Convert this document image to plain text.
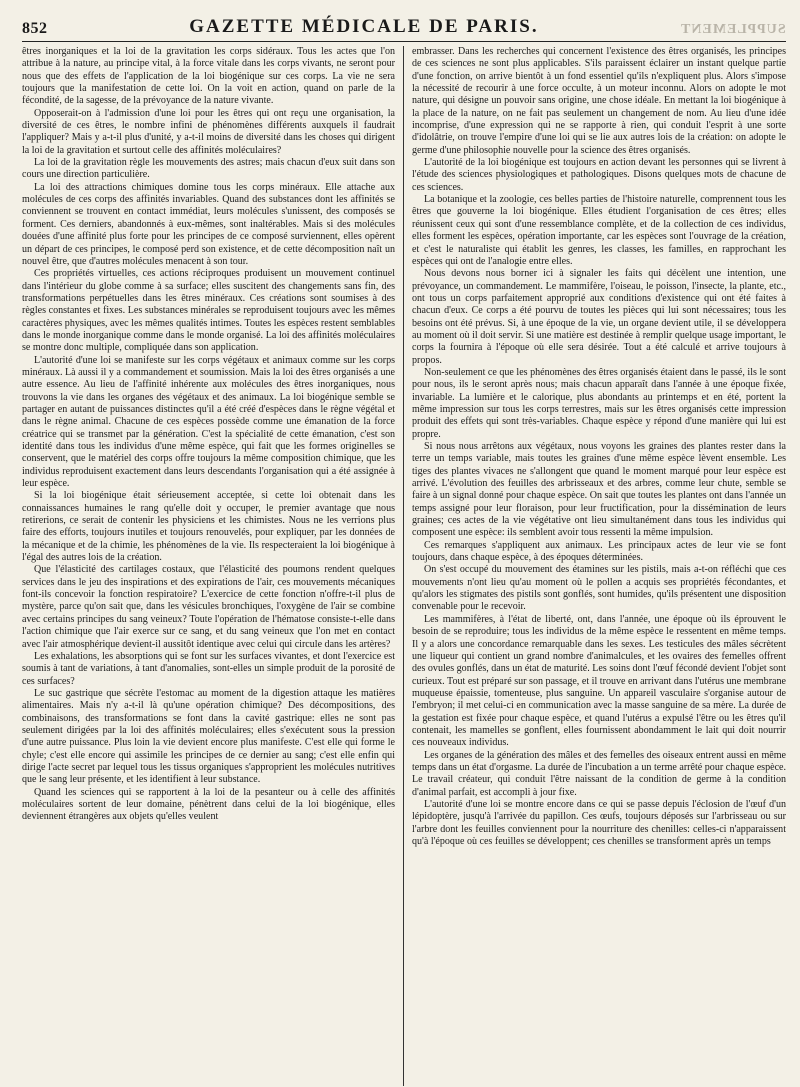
852	GAZETTE MÉDICALE DE PARIS.	SUPPLEMENT

êtres inorganiques et la loi de la gravitation les corps sidéraux. Tous les actes que l'on attribue à la nature, au principe vital, à la force vitale dans les corps vivants, ne seront pour nous que des effets de l'application de la loi biogénique sur ces corps. La vie ne sera toujours que la manifestation de cette loi. On la voit en action, quand on parle de la fécondité, de la sagesse, de la prévoyance de la nature vivante.

Opposerait-on à l'admission d'une loi pour les êtres qui ont reçu une organisation, la diversité de ces êtres, le nombre infini de phénomènes différents auxquels il faudrait l'appliquer? Mais y a-t-il plus d'unité, y a-t-il moins de diversité dans les choses qui dirigent la loi de la gravitation et surtout celle des affinités moléculaires?

La loi de la gravitation règle les mouvements des astres; mais chacun d'eux suit dans son cours une direction particulière.

La loi des attractions chimiques domine tous les corps minéraux. Elle attache aux molécules de ces corps des affinités invariables. Quand des substances dont les affinités se conviennent se trouvent en contact immédiat, leurs molécules s'unissent, des composés se forment. Ces derniers, abandonnés à eux-mêmes, sont inaltérables. Mais si des molécules douées d'une affinité plus forte pour les principes de ce composé surviennent, elles opèrent un départ de ces principes, le composé perd son existence, et de cette décomposition naît un nouvel être, que d'autres molécules menacent à son tour.

Ces propriétés virtuelles, ces actions réciproques produisent un mouvement continuel dans l'intérieur du globe comme à sa surface; elles suscitent des changements sans fin, des transformations perpétuelles dans les êtres minéraux. Ces créations sont soumises à des règles constantes et fixes. Les substances minérales se reproduisent toujours avec les mêmes caractères physiques, avec les mêmes qualités intimes. Toutes les espèces restent semblables dans le monde inorganique comme dans le monde organisé. La loi des affinités moléculaires se montre donc multiple, compliquée dans son application.

L'autorité d'une loi se manifeste sur les corps végétaux et animaux comme sur les corps minéraux. Là aussi il y a commandement et soumission. Mais la loi des êtres organisés a une autre essence. Au lieu de l'affinité inhérente aux molécules des êtres inorganiques, nous trouvons la vie dans les organes des végétaux et des animaux. La loi biogénique semble se partager en autant de puissances distinctes qu'il a été créé d'espèces dans le règne végétal et dans le règne animal. Chacune de ces espèces possède comme une émanation de la force créatrice qui se transmet par la génération. C'est la spécialité de cette émanation, c'est son identité dans tous les individus d'une même espèce, qui fait que les formes originelles se conservent, que le matériel des corps offre toujours la même composition chimique, que les individus reproduisent exactement dans leurs descendants l'organisation qui a été assignée à leur espèce.

Si la loi biogénique était sérieusement acceptée, si cette loi obtenait dans les connaissances humaines le rang qu'elle doit y occuper, le premier avantage que nous retirerions, ce serait de contenir les physiciens et les chimistes. Nous ne les verrions plus faire des efforts, toujours inutiles et toujours renouvelés, pour expliquer, par les données de la mécanique et de la chimie, les phénomènes de la vie. Ils respecteraient la loi biogénique à l'égal des autres lois de la création.

Que l'élasticité des cartilages costaux, que l'élasticité des poumons rendent quelques services dans le jeu des inspirations et des expirations de l'air, ces mouvements mécaniques font-ils concevoir la fonction respiratoire? L'exercice de cette fonction n'offre-t-il plus de mystère, parce qu'on sait que, dans les vésicules bronchiques, l'oxygène de l'air se combine avec certains principes du sang veineux? Toute l'opération de l'hématose consiste-t-elle dans l'action chimique que l'air exerce sur ce sang, et du sang veineux que l'on met en contact avec l'air atmosphérique devient-il aussitôt identique avec celui qui circule dans les artères?

Les exhalations, les absorptions qui se font sur les surfaces vivantes, et dont l'exercice est soumis à tant de variations, à tant d'anomalies, sont-elles un simple produit de la porosité de ces surfaces?

Le suc gastrique que sécrète l'estomac au moment de la digestion attaque les matières alimentaires. Mais n'y a-t-il là qu'une opération chimique? Des décompositions, des combinaisons, des transformations se font dans la cavité gastrique: elles ne sont pas seulement dirigées par la loi des affinités moléculaires; elles s'exécutent sous la pression d'une autre puissance. Plus loin la vie devient encore plus manifeste. C'est elle qui forme le chyle; c'est elle encore qui assimile les principes de ce dernier au sang; c'est elle enfin qui dirige l'acte secret par lequel tous les tissus organiques s'approprient les molécules nutritives que le sang leur présente, et les identifient à leur substance.

Quand les sciences qui se rapportent à la loi de la pesanteur ou à celle des affinités moléculaires sortent de leur domaine, pénètrent dans celui de la loi biogénique, elles deviennent étrangères aux objets qu'elles veulent

embrasser. Dans les recherches qui concernent l'existence des êtres organisés, les principes de ces sciences ne sont plus applicables. S'ils paraissent éclairer un instant quelque partie d'une fonction, on arrive bientôt à un fond essentiel qu'ils n'expliquent plus. Alors s'impose la nécessité de recourir à une force occulte, à un moteur inconnu. Alors on adopte le mot nature, qui désigne un pouvoir sans origine, une chose idéale. En mettant la loi biogénique à la place de la nature, on ne fait pas seulement un changement de nom. Au lieu d'une idée incomprise, d'une expression qui ne se rapporte à rien, qui conduit l'esprit à une sorte d'idolâtrie, on trouve l'empire d'une loi qui se lie aux autres lois de la création: on adopte le germe d'une philosophie nouvelle pour la science des êtres organisés.

L'autorité de la loi biogénique est toujours en action devant les personnes qui se livrent à l'étude des sciences physiologiques et pathologiques. Disons quelques mots de chacune de ces sciences.

La botanique et la zoologie, ces belles parties de l'histoire naturelle, comprennent tous les êtres que gouverne la loi biogénique. Elles étudient l'organisation de ces êtres; elles réunissent ceux qui sont d'une ressemblance complète, et de la collection de ces individus, elles forment les espèces, opération importante, car les espèces sont l'ouvrage de la création, et c'est le naturaliste qui établit les genres, les classes, les familles, en rapprochant les espèces qui ont de l'analogie entre elles.

Nous devons nous borner ici à signaler les faits qui décèlent une intention, une prévoyance, un commandement. Le mammifère, l'oiseau, le poisson, l'insecte, la plante, etc., ont tous un corps parfaitement approprié aux conditions d'existence qui ont été faites à chacun d'eux. Ce corps a été pourvu de toutes les pièces qui lui sont nécessaires; tous les besoins ont été prévus. Si, à une époque de la vie, un organe devient utile, il se développera au moment où il doit servir. Si une matière est destinée à remplir quelque usage important, le corps la fournira à l'époque où elle sera désirée. Tout a été calculé et arrive toujours à propos.

Non-seulement ce que les phénomènes des êtres organisés étaient dans le passé, ils le sont pour nous, ils le seront après nous; mais chacun apparaît dans l'année à une époque fixée, invariable. La lumière et le calorique, plus abondants au printemps et en été, portent la même impression sur tous les corps terrestres, mais sur les êtres organisés cette impression produit des effets qui sont très-variables. Chaque espèce y répond d'une manière qui lui est propre.

Si nous nous arrêtons aux végétaux, nous voyons les graines des plantes rester dans la terre un temps variable, mais toutes les graines d'une même espèce lèvent ensemble. Les tiges des plantes vivaces ne s'allongent que quand le moment marqué pour leur espèce est arrivé. L'évolution des feuilles des arbrisseaux et des arbres, comme leur chute, semble se faire à un signal donné pour chaque espèce. On sait que toutes les plantes ont dans l'année un temps assigné pour leur floraison, pour leur fructification, pour la dissémination de leurs graines; ces actes de la vie végétative ont lieu simultanément dans tous les individus qui composent une espèce: ils semblent avoir tous ressenti la même impulsion.

Ces remarques s'appliquent aux animaux. Les principaux actes de leur vie se font toujours, dans chaque espèce, à des époques déterminées.

On s'est occupé du mouvement des étamines sur les pistils, mais a-t-on réfléchi que ces mouvements n'ont lieu qu'au moment où le pollen a acquis ses propriétés fécondantes, et qu'alors les stigmates des pistils sont gonflés, sont humides, qu'ils présentent une disposition convenable pour le recevoir.

Les mammifères, à l'état de liberté, ont, dans l'année, une époque où ils éprouvent le besoin de se reproduire; tous les individus de la même espèce le ressentent en même temps. Il y a alors une concordance remarquable dans les sexes. Les testicules des mâles sécrètent une liqueur qui contient un grand nombre d'animalcules, et les ovaires des femelles offrent des ovules gonflés, dans un état de maturité. Les soins dont l'œuf fécondé devient l'objet sont curieux. Tout est préparé sur son passage, et il trouve en arrivant dans l'utérus une membrane muqueuse épaissie, tomenteuse, plus sanguine. Un appareil vasculaire s'organise autour de l'embryon; il met celui-ci en communication avec la masse sanguine de sa mère. La durée de la gestation est fixée pour chaque espèce, et quand l'utérus a expulsé l'être ou les êtres qu'il contenait, les mamelles se gonflent, elles fournissent abondamment le lait qui doit nourrir ces nouveaux individus.

Les organes de la génération des mâles et des femelles des oiseaux entrent aussi en même temps dans un état d'orgasme. La durée de l'incubation a un terme arrêté pour chaque espèce. Le travail créateur, qui conduit l'être naissant de la condition de germe à la condition d'animal parfait, est accompli à jour fixe.

L'autorité d'une loi se montre encore dans ce qui se passe depuis l'éclosion de l'œuf d'un lépidoptère, jusqu'à l'arrivée du papillon. Ces œufs, toujours déposés sur l'arbrisseau ou sur l'arbre dont les feuilles conviennent pour la nourriture des chenilles: celles-ci n'apparaissent qu'à l'époque où ces feuilles se développent; ces chenilles se transforment après un temps
